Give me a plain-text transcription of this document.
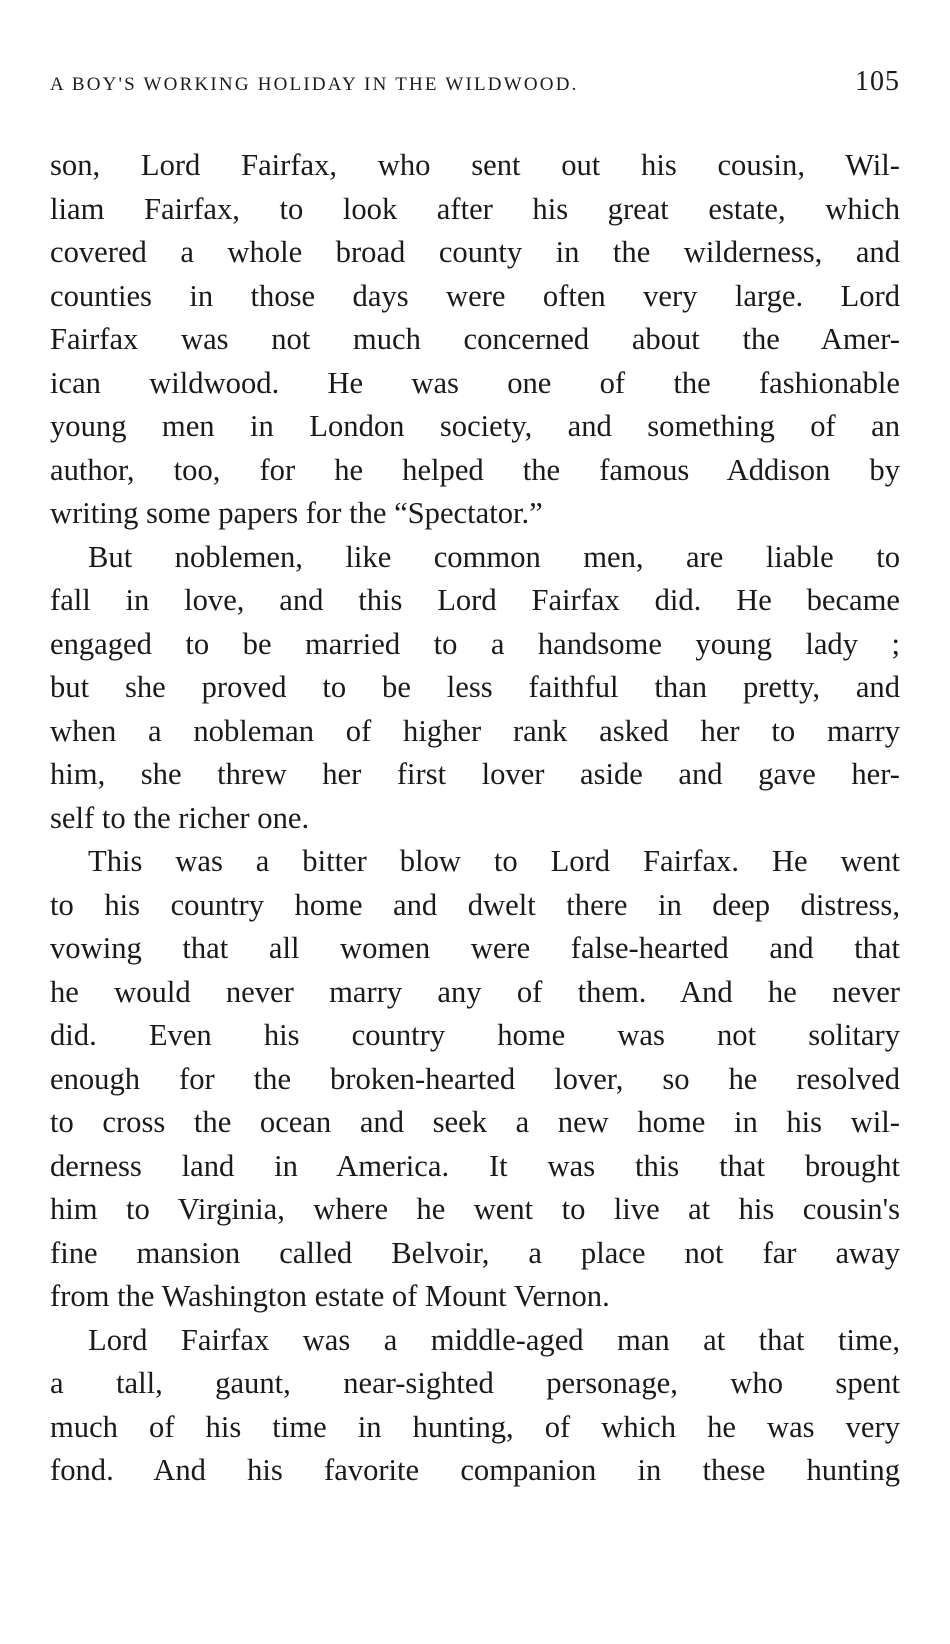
A BOY'S WORKING HOLIDAY IN THE WILDWOOD.	105
son, Lord Fairfax, who sent out his cousin, Wil-
liam Fairfax, to look after his great estate, which
covered a whole broad county in the wilderness, and
counties in those days were often very large. Lord
Fairfax was not much concerned about the Amer-
ican wildwood. He was one of the fashionable
young men in London society, and something of an
author, too, for he helped the famous Addison by
writing some papers for the “Spectator.”
But noblemen, like common men, are liable to
fall in love, and this Lord Fairfax did. He became
engaged to be married to a handsome young lady ;
but she proved to be less faithful than pretty, and
when a nobleman of higher rank asked her to marry
him, she threw her first lover aside and gave her-
self to the richer one.
This was a bitter blow to Lord Fairfax. He went
to his country home and dwelt there in deep distress,
vowing that all women were false-hearted and that
he would never marry any of them. And he never
did. Even his country home was not solitary
enough for the broken-hearted lover, so he resolved
to cross the ocean and seek a new home in his wil-
derness land in America. It was this that brought
him to Virginia, where he went to live at his cousin's
fine mansion called Belvoir, a place not far away
from the Washington estate of Mount Vernon.
Lord Fairfax was a middle-aged man at that time,
a tall, gaunt, near-sighted personage, who spent
much of his time in hunting, of which he was very
fond. And his favorite companion in these hunting
